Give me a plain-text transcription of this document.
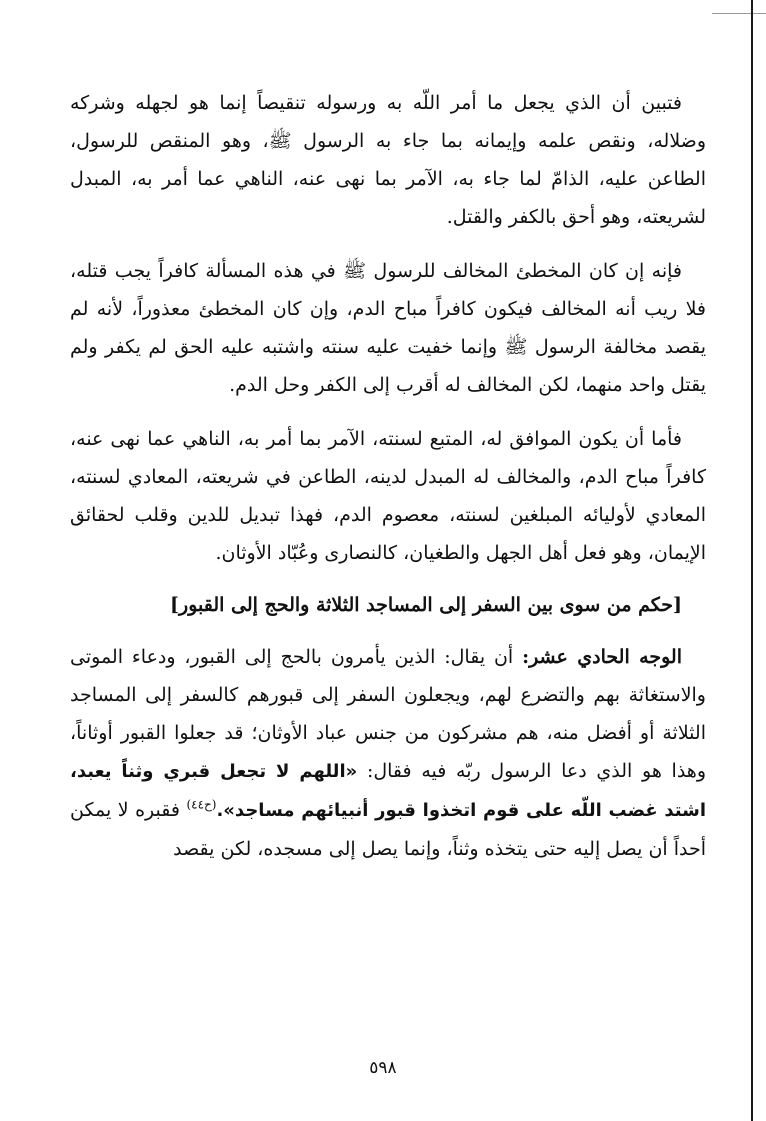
فتبين أن الذي يجعل ما أمر اللّه به ورسوله تنقيصاً إنما هو لجهله وشركه وضلاله، ونقص علمه وإيمانه بما جاء به الرسول ﷺ، وهو المنقص للرسول، الطاعن عليه، الذامّ لما جاء به، الآمر بما نهى عنه، الناهي عما أمر به، المبدل لشريعته، وهو أحق بالكفر والقتل.

فإنه إن كان المخطئ المخالف للرسول ﷺ في هذه المسألة كافراً يجب قتله، فلا ريب أنه المخالف فيكون كافراً مباح الدم، وإن كان المخطئ معذوراً، لأنه لم يقصد مخالفة الرسول ﷺ وإنما خفيت عليه سنته واشتبه عليه الحق لم يكفر ولم يقتل واحد منهما، لكن المخالف له أقرب إلى الكفر وحل الدم.

فأما أن يكون الموافق له، المتبع لسنته، الآمر بما أمر به، الناهي عما نهى عنه، كافراً مباح الدم، والمخالف له المبدل لدينه، الطاعن في شريعته، المعادي لسنته، المعادي لأوليائه المبلغين لسنته، معصوم الدم، فهذا تبديل للدين وقلب لحقائق الإيمان، وهو فعل أهل الجهل والطغيان، كالنصارى وعُبّاد الأوثان.

[حكم من سوى بين السفر إلى المساجد الثلاثة والحج إلى القبور]

الوجه الحادي عشر: أن يقال: الذين يأمرون بالحج إلى القبور، ودعاء الموتى والاستغاثة بهم والتضرع لهم، ويجعلون السفر إلى قبورهم كالسفر إلى المساجد الثلاثة أو أفضل منه، هم مشركون من جنس عباد الأوثان؛ قد جعلوا القبور أوثاناً، وهذا هو الذي دعا الرسول ربّه فيه فقال: «اللهم لا تجعل قبري وثناً يعبد، اشتد غضب اللّه على قوم اتخذوا قبور أنبيائهم مساجد».$^{(ح٤٤)}$ فقبره لا يمكن أحداً أن يصل إليه حتى يتخذه وثناً، وإنما يصل إلى مسجده، لكن يقصد

٥٩٨
